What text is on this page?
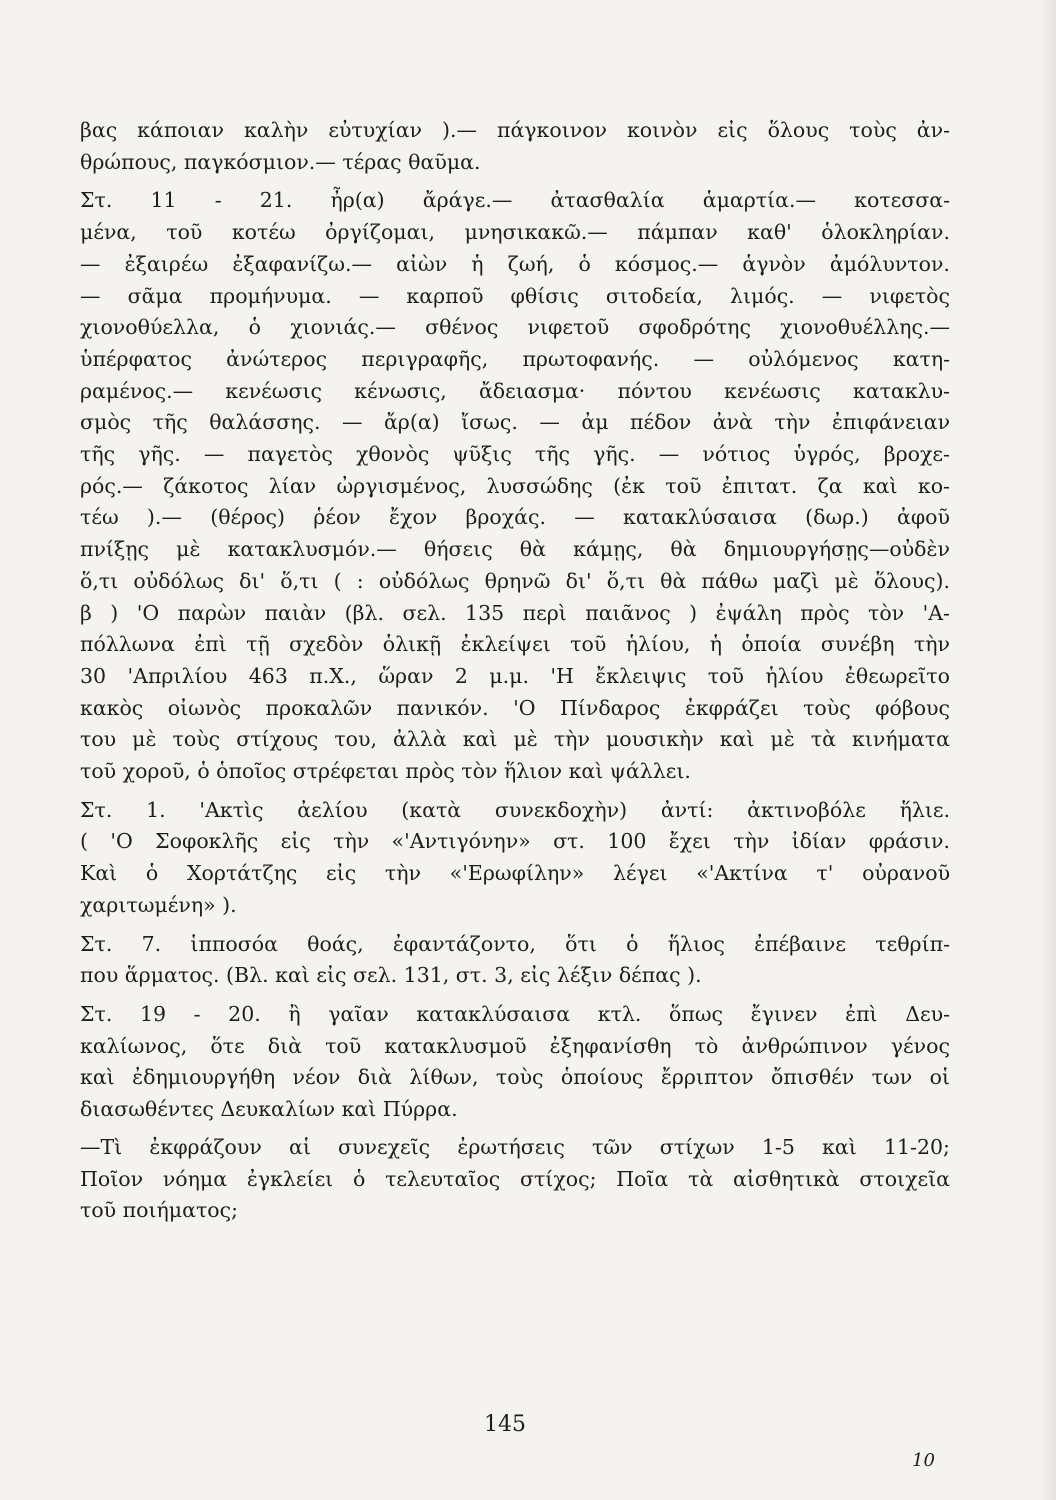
βας κάποιαν καλὴν εὐτυχίαν ).— πάγκοινον κοινὸν εἰς ὅλους τοὺς ἀν-
θρώπους, παγκόσμιον.— τέρας θαῦμα.
Στ. 11 - 21. ἦρ(α) ἄράγε.— ἀτασθαλία ἁμαρτία.— κοτεσσα-
μένα, τοῦ κοτέω ὀργίζομαι, μνησικακῶ.— πάμπαν καθ' ὁλοκληρίαν.
— ἐξαιρέω ἐξαφανίζω.— αἰὼν ἡ ζωή, ὁ κόσμος.— ἁγνὸν ἀμόλυντον.
— σᾶμα προμήνυμα. — καρποῦ φθίσις σιτοδεία, λιμός. — νιφετὸς
χιονοθύελλα, ὁ χιονιάς.— σθένος νιφετοῦ σφοδρότης χιονοθυέλλης.—
ὑπέρφατος ἀνώτερος περιγραφῆς, πρωτοφανής. — οὐλόμενος κατη-
ραμένος.— κενέωσις κένωσις, ἄδειασμα· πόντου κενέωσις κατακλυ-
σμὸς τῆς θαλάσσης. — ἄρ(α) ἴσως. — ἀμ πέδον ἀνὰ τὴν ἐπιφάνειαν
τῆς γῆς. — παγετὸς χθονὸς ψῦξις τῆς γῆς. — νότιος ὑγρός, βροχε-
ρός.— ζάκοτος λίαν ὠργισμένος, λυσσώδης (ἐκ τοῦ ἐπιτατ. ζα καὶ κο-
τέω ).— (θέρος) ῥέον ἔχον βροχάς. — κατακλύσαισα (δωρ.) ἀφοῦ
πνίξῃς μὲ κατακλυσμόν.— θήσεις θὰ κάμῃς, θὰ δημιουργήσῃς—οὐδὲν
ὅ,τι οὐδόλως δι' ὅ,τι ( : οὐδόλως θρηνῶ δι' ὅ,τι θὰ πάθω μαζὶ μὲ ὅλους).
β ) 'Ο παρὼν παιὰν (βλ. σελ. 135 περὶ παιᾶνος ) ἐψάλη πρὸς τὸν 'Α-
πόλλωνα ἐπὶ τῇ σχεδὸν ὁλικῇ ἐκλείψει τοῦ ἡλίου, ἡ ὁποία συνέβη τὴν
30 'Απριλίου 463 π.Χ., ὥραν 2 μ.μ. 'Η ἔκλειψις τοῦ ἡλίου ἐθεωρεῖτο
κακὸς οἰωνὸς προκαλῶν πανικόν. 'Ο Πίνδαρος ἐκφράζει τοὺς φόβους
του μὲ τοὺς στίχους του, ἀλλὰ καὶ μὲ τὴν μουσικὴν καὶ μὲ τὰ κινήματα
τοῦ χοροῦ, ὁ ὁποῖος στρέφεται πρὸς τὸν ἥλιον καὶ ψάλλει.
Στ. 1. 'Ακτὶς ἀελίου (κατὰ συνεκδοχὴν) ἀντί: ἀκτινοβόλε ἥλιε.
( 'Ο Σοφοκλῆς εἰς τὴν «'Αντιγόνην» στ. 100 ἔχει τὴν ἰδίαν φράσιν.
Καὶ ὁ Χορτάτζης εἰς τὴν «'Ερωφίλην» λέγει «'Ακτίνα τ' οὐρανοῦ
χαριτωμένη» ).
Στ. 7. ἱπποσόα θοάς, ἐφαντάζοντο, ὅτι ὁ ἥλιος ἐπέβαινε τεθρίπ-
που ἅρματος. (Βλ. καὶ εἰς σελ. 131, στ. 3, εἰς λέξιν δέπας ).
Στ. 19 - 20. ἢ γαῖαν κατακλύσαισα κτλ. ὅπως ἔγινεν ἐπὶ Δευ-
καλίωνος, ὅτε διὰ τοῦ κατακλυσμοῦ ἐξηφανίσθη τὸ ἀνθρώπινον γένος
καὶ ἐδημιουργήθη νέον διὰ λίθων, τοὺς ὁποίους ἔρριπτον ὄπισθέν των οἱ
διασωθέντες Δευκαλίων καὶ Πύρρα.
—Τὶ ἐκφράζουν αἱ συνεχεῖς ἐρωτήσεις τῶν στίχων 1-5 καὶ 11-20;
Ποῖον νόημα ἐγκλείει ὁ τελευταῖος στίχος; Ποῖα τὰ αἰσθητικὰ στοιχεῖα
τοῦ ποιήματος;
145
10
